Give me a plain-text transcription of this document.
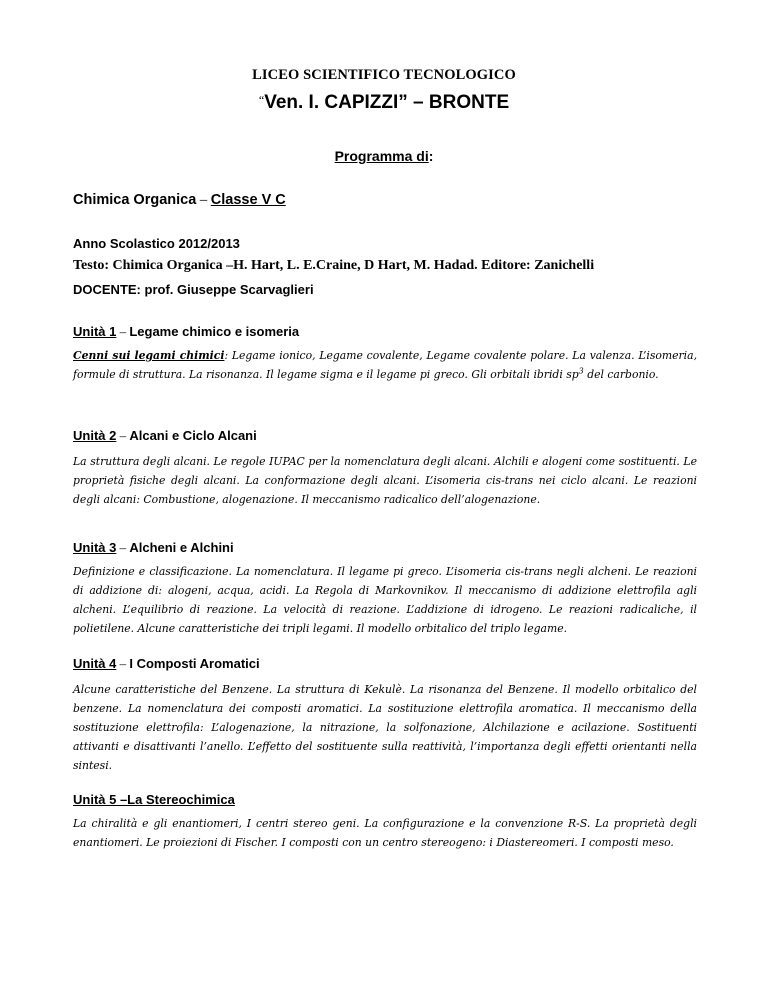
LICEO SCIENTIFICO TECNOLOGICO
“Ven. I. CAPIZZI” – BRONTE
Programma di:
Chimica Organica – Classe V C
Anno Scolastico 2012/2013
Testo: Chimica Organica –H. Hart, L. E.Craine, D Hart, M. Hadad. Editore: Zanichelli
DOCENTE: prof. Giuseppe Scarvaglieri
Unità 1 – Legame chimico e isomeria
Cenni sui legami chimici: Legame ionico, Legame covalente, Legame covalente polare. La valenza. L’isomeria, formule di struttura. La risonanza. Il legame sigma e il legame pi greco. Gli orbitali ibridi $sp^3$ del carbonio.
Unità 2 – Alcani e Ciclo Alcani
La struttura degli alcani. Le regole IUPAC per la nomenclatura degli alcani. Alchili e alogeni come sostituenti. Le proprietà fisiche degli alcani. La conformazione degli alcani. L’isomeria cis-trans nei ciclo alcani. Le reazioni degli alcani: Combustione, alogenazione. Il meccanismo radicalico dell’alogenazione.
Unità 3 – Alcheni e Alchini
Definizione e classificazione. La nomenclatura. Il legame pi greco. L’isomeria cis-trans negli alcheni. Le reazioni di addizione di: alogeni, acqua, acidi. La Regola di Markovnikov. Il meccanismo di addizione elettrofila agli alcheni. L’equilibrio di reazione. La velocità di reazione. L’addizione di idrogeno. Le reazioni radicaliche, il polietilene. Alcune caratteristiche dei tripli legami. Il modello orbitalico del triplo legame.
Unità 4 – I Composti Aromatici
Alcune caratteristiche del Benzene. La struttura di Kekulè. La risonanza del Benzene. Il modello orbitalico del benzene. La nomenclatura dei composti aromatici. La sostituzione elettrofila aromatica. Il meccanismo della sostituzione elettrofila: L’alogenazione, la nitrazione, la solfonazione, Alchilazione e acilazione. Sostituenti attivanti e disattivanti l’anello. L’effetto del sostituente sulla reattività, l’importanza degli effetti orientanti nella sintesi.
Unità 5 –La Stereochimica
La chiralità e gli enantiomeri, I centri stereo geni. La configurazione e la convenzione R-S. La proprietà degli enantiomeri. Le proiezioni di Fischer. I composti con un centro stereogeno: i Diastereomeri. I composti meso.
